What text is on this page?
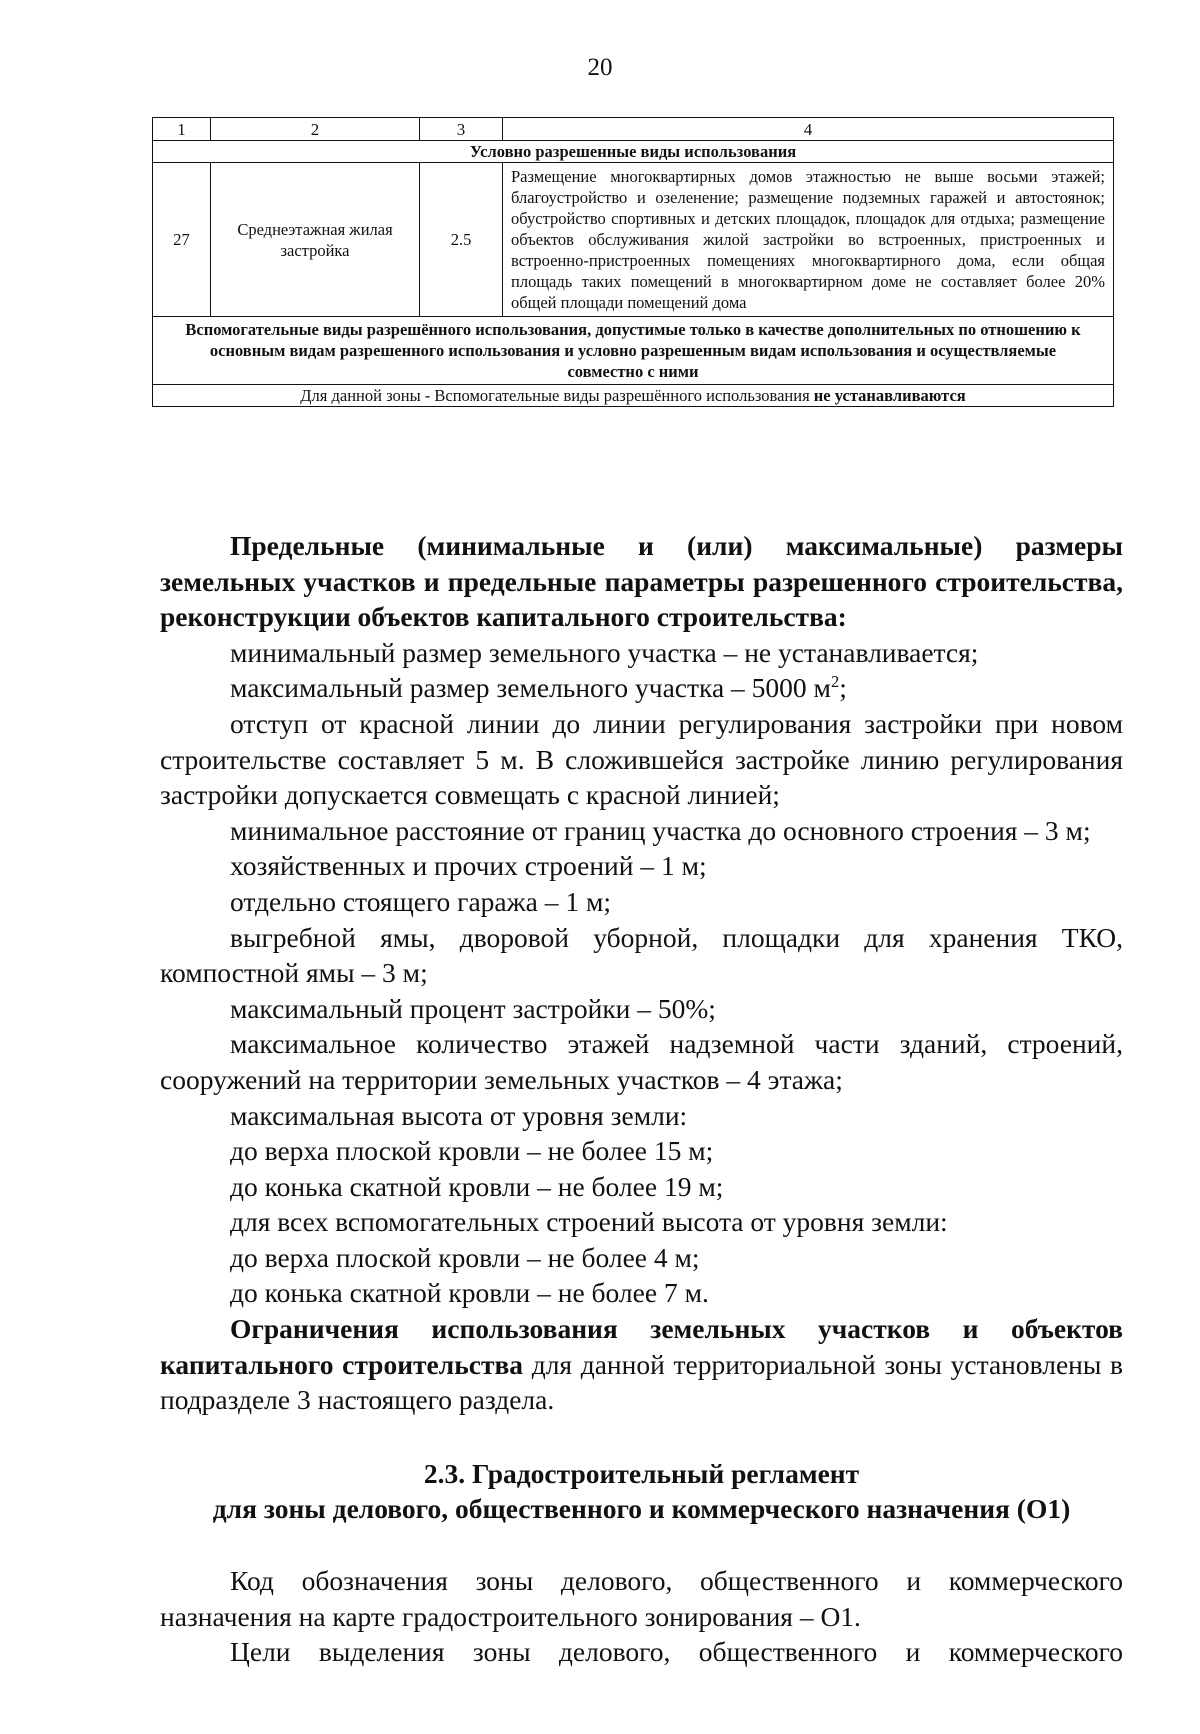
20
1	2	3	4
Условно разрешенные виды использования			
27	Среднеэтажная жилая застройка	2.5	Размещение многоквартирных домов этажностью не выше восьми этажей; благоустройство и озеленение; размещение подземных гаражей и автостоянок; обустройство спортивных и детских площадок, площадок для отдыха; размещение объектов обслуживания жилой застройки во встроенных, пристроенных и встроенно-пристроенных помещениях многоквартирного дома, если общая площадь таких помещений в многоквартирном доме не составляет более 20%
общей площади помещений дома

Вспомогательные виды разрешённого использования, допустимые только в качестве дополнительных по отношению к основным видам разрешенного использования и условно разрешенным видам использования и осуществляемые совместно с ними			
Для данной зоны - Вспомогательные виды разрешённого использования не устанавливаются			

Предельные (минимальные и (или) максимальные) размеры земельных участков и предельные параметры разрешенного строительства, реконструкции объектов капитального строительства:

минимальный размер земельного участка – не устанавливается;

максимальный размер земельного участка – 5000 $м^2$;

отступ от красной линии до линии регулирования застройки при новом строительстве составляет 5 м. В сложившейся застройке линию регулирования застройки допускается совмещать с красной линией;

минимальное расстояние от границ участка до основного строения – 3 м;

хозяйственных и прочих строений – 1 м;

отдельно стоящего гаража – 1 м;

выгребной ямы, дворовой уборной, площадки для хранения ТКО, компостной ямы – 3 м;

максимальный процент застройки – 50%;

максимальное количество этажей надземной части зданий, строений, сооружений на территории земельных участков – 4 этажа;

максимальная высота от уровня земли:

до верха плоской кровли – не более 15 м;

до конька скатной кровли – не более 19 м;

для всех вспомогательных строений высота от уровня земли:

до верха плоской кровли – не более 4 м;

до конька скатной кровли – не более 7 м.

Ограничения использования земельных участков и объектов капитального строительства для данной территориальной зоны установлены в подразделе 3 настоящего раздела.

2.3. Градостроительный регламент

для зоны делового, общественного и коммерческого назначения (О1)

Код обозначения зоны делового, общественного и коммерческого назначения на карте градостроительного зонирования – О1.

Цели выделения зоны делового, общественного и коммерческого
